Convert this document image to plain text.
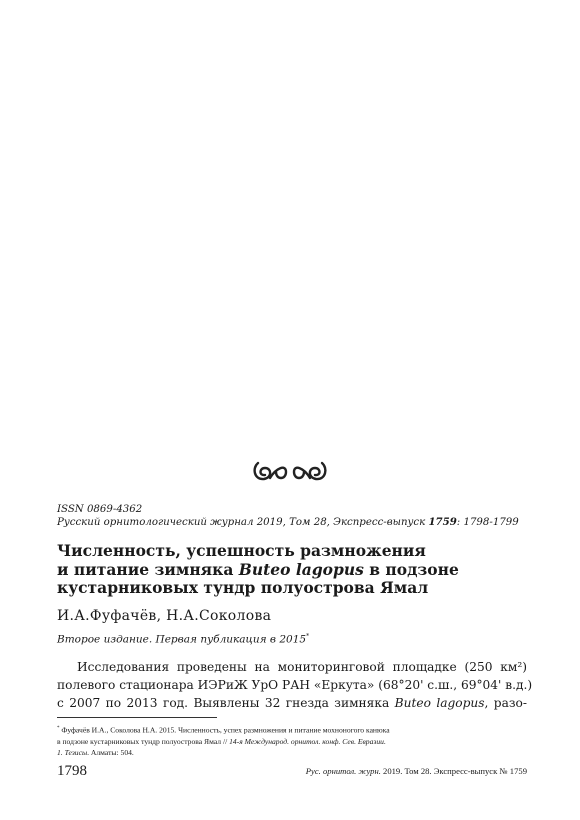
ISSN 0869-4362
Русский орнитологический журнал 2019, Том 28, Экспресс-выпуск 1759: 1798-1799
Численность, успешность размножения
и питание зимняка Buteo lagopus в подзоне
кустарниковых тундр полуострова Ямал
И.А.Фуфачёв, Н.А.Соколова
Второе издание. Первая публикация в 2015*
Исследования проведены на мониторинговой площадке (250 км²)
полевого стационара ИЭРиЖ УрО РАН «Еркута» (68°20' с.ш., 69°04' в.д.)
с 2007 по 2013 год. Выявлены 32 гнезда зимняка Buteo lagopus, разо-
* Фуфачёв И.А., Соколова Н.А. 2015. Численность, успех размножения и питание мохноногого канюка
в подзоне кустарниковых тундр полуострова Ямал // 14-я Международ. орнитол. конф. Сев. Евразии.
1. Тезисы. Алматы: 504.
1798	Рус. орнитол. журн. 2019. Том 28. Экспресс-выпуск № 1759
